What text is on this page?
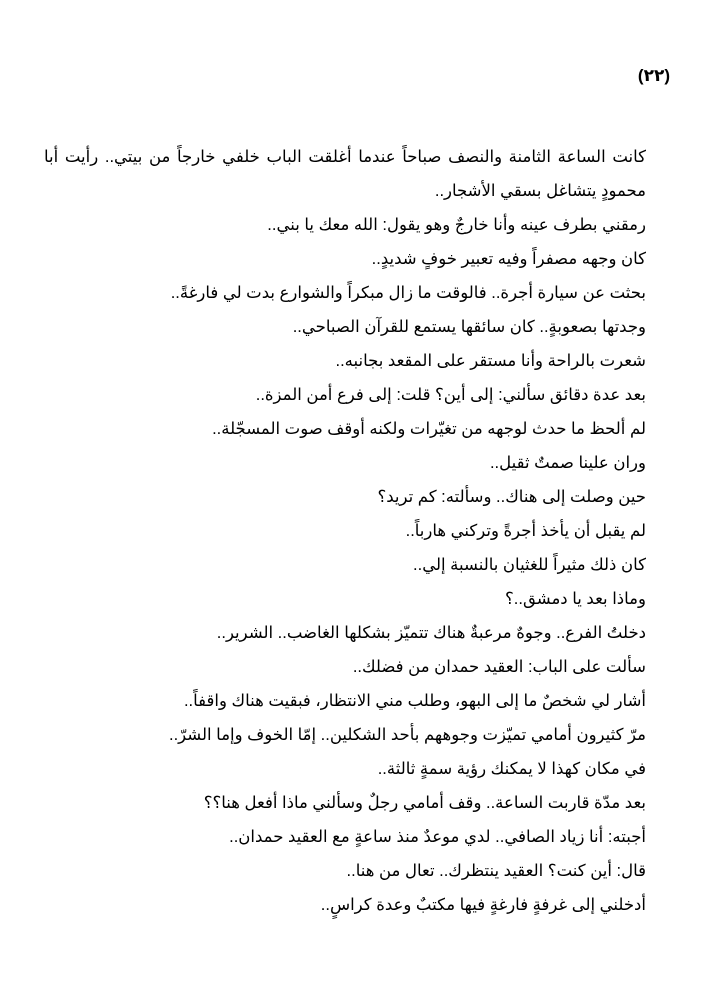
(٢٢)

كانت الساعة الثامنة والنصف صباحاً عندما أغلقت الباب خلفي خارجاً من بيتي.. رأيت أبا محمودٍ يتشاغل بسقي الأشجار..

رمقني بطرف عينه وأنا خارجٌ وهو يقول: الله معك يا بني..

كان وجهه مصفراً وفيه تعبير خوفٍ شديدٍ..

بحثت عن سيارة أجرة.. فالوقت ما زال مبكراً والشوارع بدت لي فارغةً..

وجدتها بصعوبةٍ.. كان سائقها يستمع للقرآن الصباحي..

شعرت بالراحة وأنا مستقر على المقعد بجانبه..

بعد عدة دقائق سألني: إلى أين؟ قلت: إلى فرع أمن المزة..

لم ألحظ ما حدث لوجهه من تغيّرات ولكنه أوقف صوت المسجّلة..

وران علينا صمتٌ ثقيل..

حين وصلت إلى هناك.. وسألته: كم تريد؟

لم يقبل أن يأخذ أجرةً وتركني هارباً..

كان ذلك مثيراً للغثيان بالنسبة إلي..

وماذا بعد يا دمشق..؟

دخلتُ الفرع.. وجوهٌ مرعبةٌ هناك تتميّز بشكلها الغاضب.. الشرير..

سألت على الباب: العقيد حمدان من فضلك..

أشار لي شخصٌ ما إلى البهو، وطلب مني الانتظار، فبقيت هناك واقفاً..

مرّ كثيرون أمامي تميّزت وجوههم بأحد الشكلين.. إمّا الخوف وإما الشرّ..

في مكان كهذا لا يمكنك رؤية سمةٍ ثالثة..

بعد مدّة قاربت الساعة.. وقف أمامي رجلٌ وسألني ماذا أفعل هنا؟؟

أجبته: أنا زياد الصافي.. لدي موعدٌ منذ ساعةٍ مع العقيد حمدان..

قال: أين كنت؟ العقيد ينتظرك.. تعال من هنا..

أدخلني إلى غرفةٍ فارغةٍ فيها مكتبٌ وعدة كراسٍ..
